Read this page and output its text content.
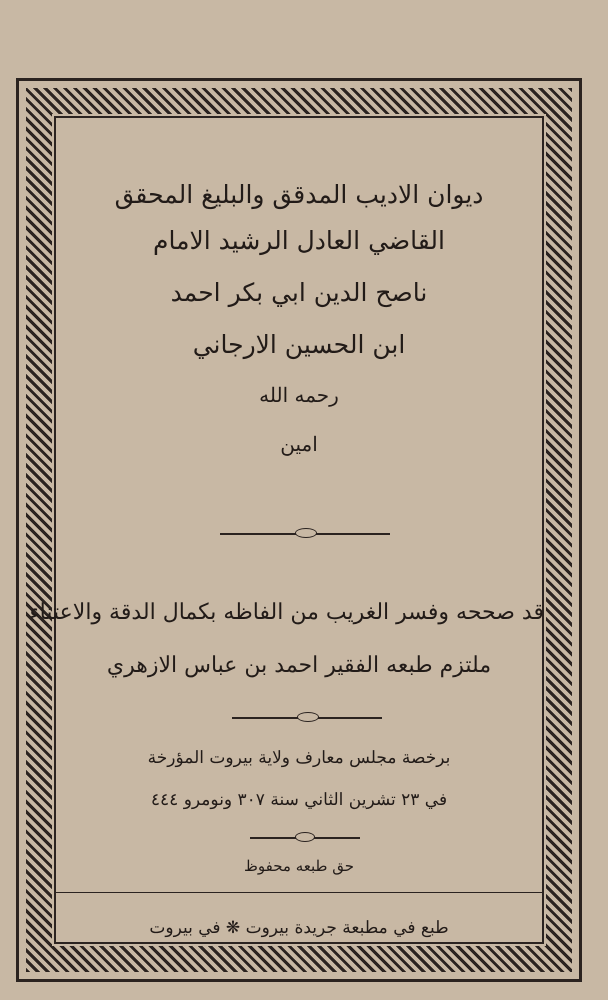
ديوان الاديب المدقق والبليغ المحقق
القاضي العادل الرشيد الامام
ناصح الدين ابي بكر احمد
ابن الحسين الارجاني
رحمه الله
امين
قد صححه وفسر الغريب من الفاظه بكمال الدقة والاعتناء
ملتزم طبعه الفقير احمد بن عباس الازهري
برخصة مجلس معارف ولاية بيروت المؤرخة
في ٢٣ تشرين الثاني سنة ٣٠٧ ونومرو ٤٤٤
حق طبعه محفوظ
طبع في مطبعة جريدة بيروت ❋ في بيروت
